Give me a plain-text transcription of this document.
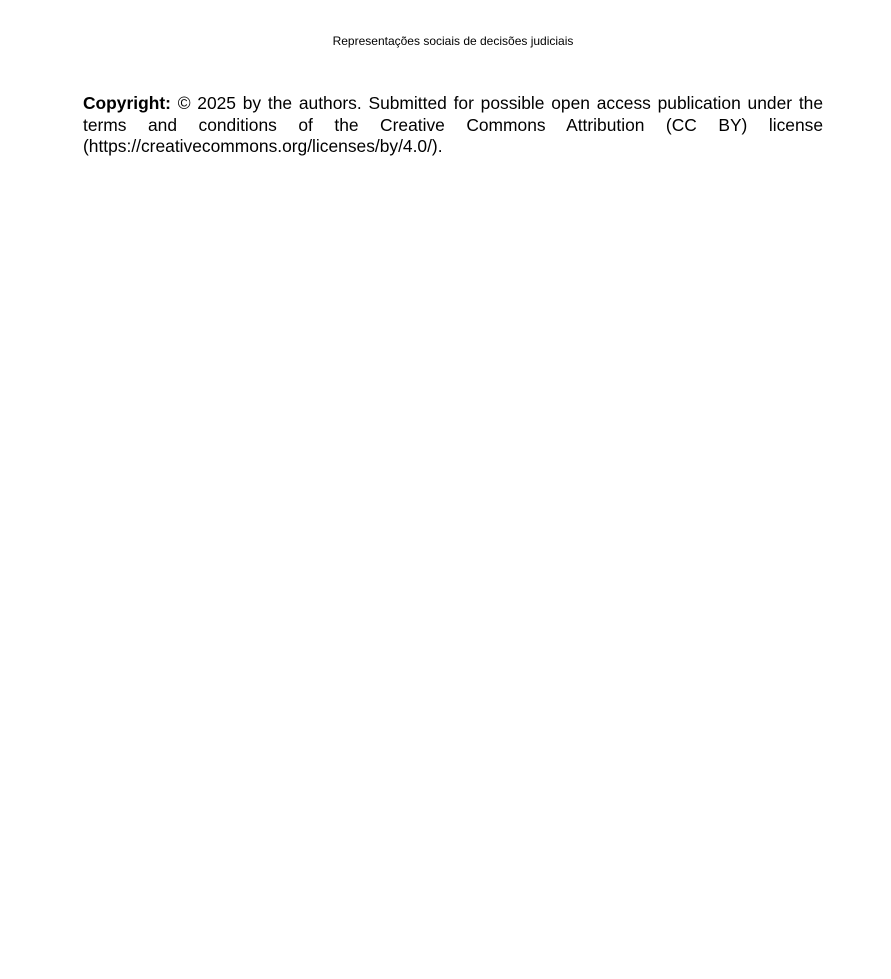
Representações sociais de decisões judiciais

Copyright: © 2025 by the authors. Submitted for possible open access publication under the terms and conditions of the Creative Commons Attribution (CC BY) license (https://creativecommons.org/licenses/by/4.0/).
